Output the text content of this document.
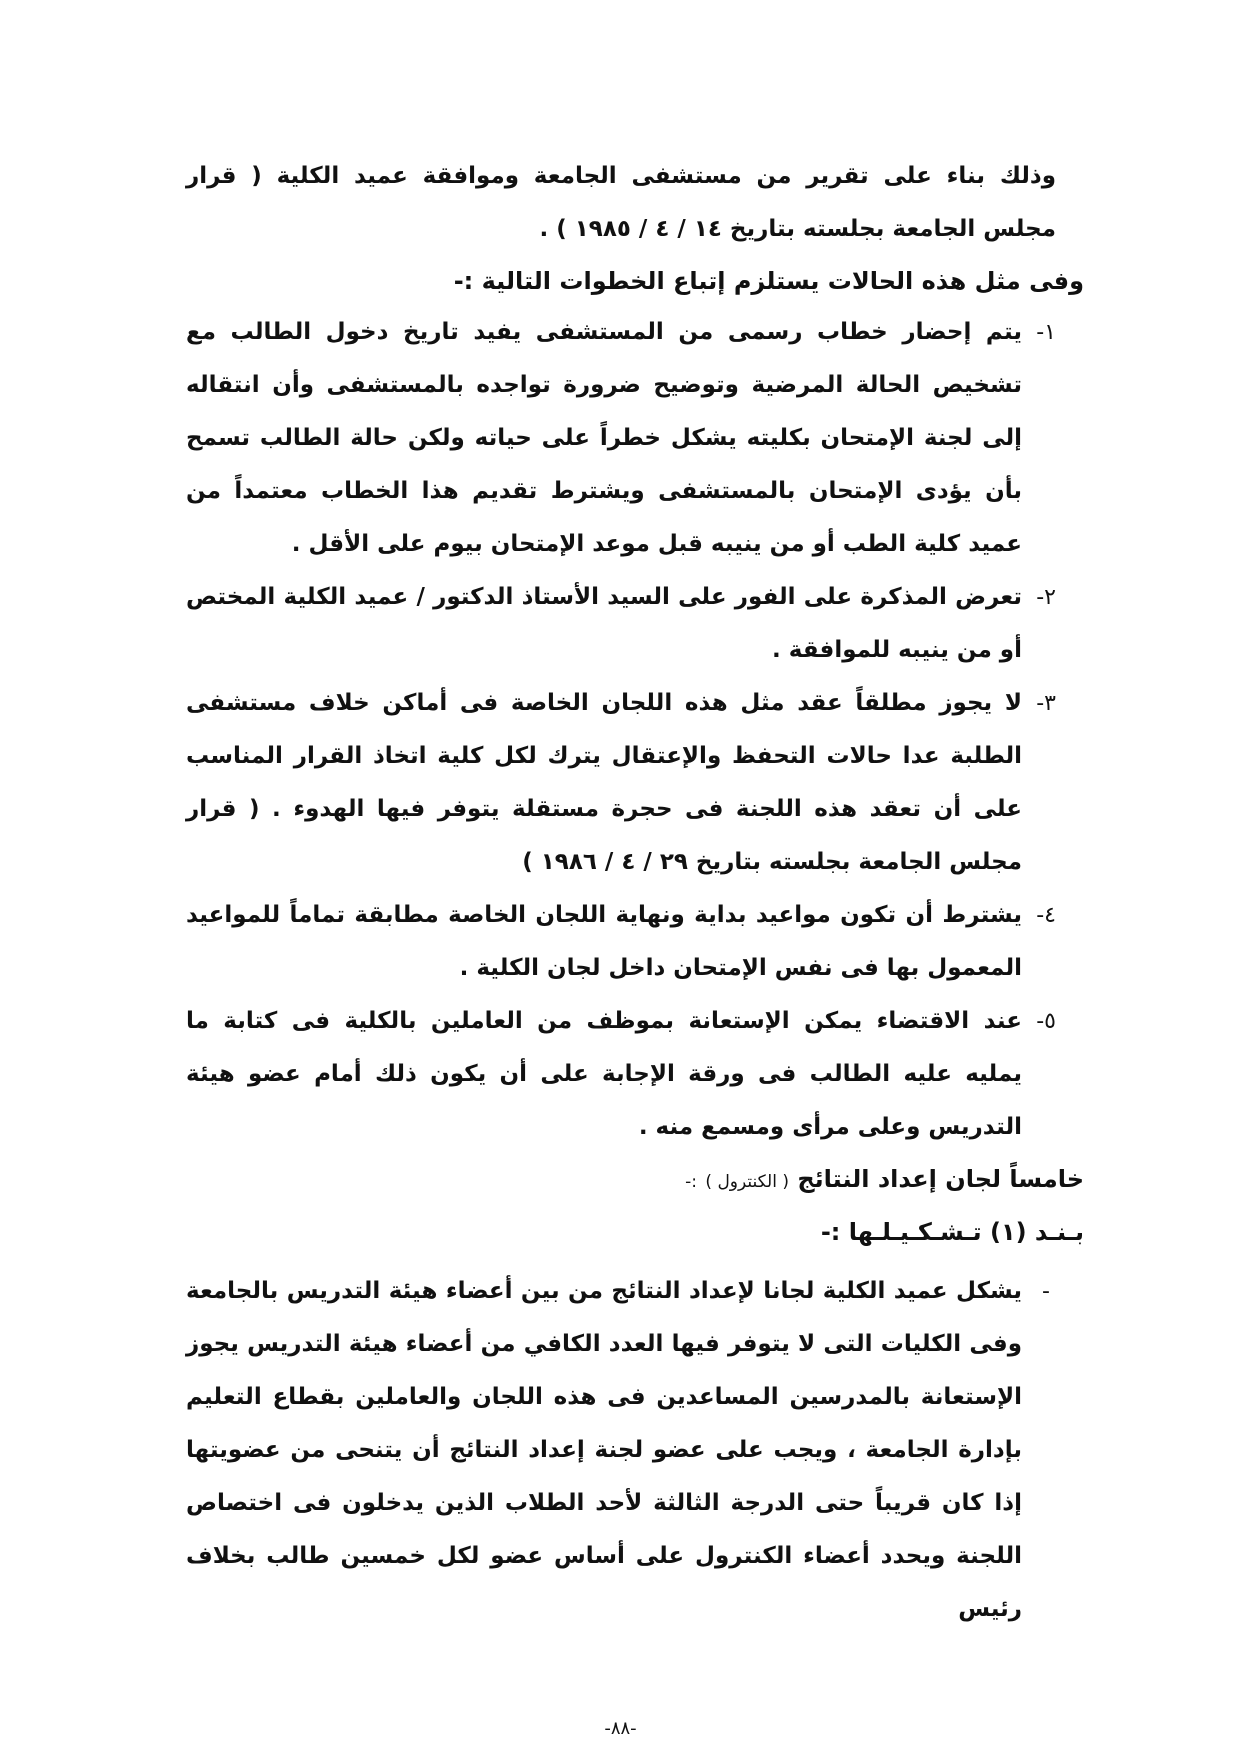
وذلك بناء على تقرير من مستشفى الجامعة وموافقة عميد الكلية ( قرار مجلس الجامعة بجلسته بتاريخ ١٤ / ٤ / ١٩٨٥ ) .

وفى مثل هذه الحالات يستلزم إتباع الخطوات التالية :-

١-
يتم إحضار خطاب رسمى من المستشفى يفيد تاريخ دخول الطالب مع تشخيص الحالة المرضية وتوضيح ضرورة تواجده بالمستشفى وأن انتقاله إلى لجنة الإمتحان بكليته يشكل خطراً على حياته ولكن حالة الطالب تسمح بأن يؤدى الإمتحان بالمستشفى ويشترط تقديم هذا الخطاب معتمداً من عميد كلية الطب أو من ينيبه قبل موعد الإمتحان بيوم على الأقل .
٢-
تعرض المذكرة على الفور على السيد الأستاذ الدكتور / عميد الكلية المختص أو من ينيبه للموافقة .
٣-
لا يجوز مطلقاً عقد مثل هذه اللجان الخاصة فى أماكن خلاف مستشفى الطلبة عدا حالات التحفظ والإعتقال يترك لكل كلية اتخاذ القرار المناسب على أن تعقد هذه اللجنة فى حجرة مستقلة يتوفر فيها الهدوء . ( قرار مجلس الجامعة بجلسته بتاريخ ٢٩ / ٤ / ١٩٨٦ )
٤-
يشترط أن تكون مواعيد بداية ونهاية اللجان الخاصة مطابقة تماماً للمواعيد المعمول بها فى نفس الإمتحان داخل لجان الكلية .
٥-
عند الاقتضاء يمكن الإستعانة بموظف من العاملين بالكلية فى كتابة ما يمليه عليه الطالب فى ورقة الإجابة على أن يكون ذلك أمام عضو هيئة التدريس وعلى مرأى ومسمع منه .

خامساً لجان إعداد النتائج ( الكنترول ) :-

بـنـد (١) تـشـكـيـلـها :-

-
يشكل عميد الكلية لجانا لإعداد النتائج من بين أعضاء هيئة التدريس بالجامعة وفى الكليات التى لا يتوفر فيها العدد الكافي من أعضاء هيئة التدريس يجوز الإستعانة بالمدرسين المساعدين فى هذه اللجان والعاملين بقطاع التعليم بإدارة الجامعة ، ويجب على عضو لجنة إعداد النتائج أن يتنحى من عضويتها إذا كان قريباً حتى الدرجة الثالثة لأحد الطلاب الذين يدخلون فى اختصاص اللجنة ويحدد أعضاء الكنترول على أساس عضو لكل خمسين طالب بخلاف رئيس
-٨٨-
